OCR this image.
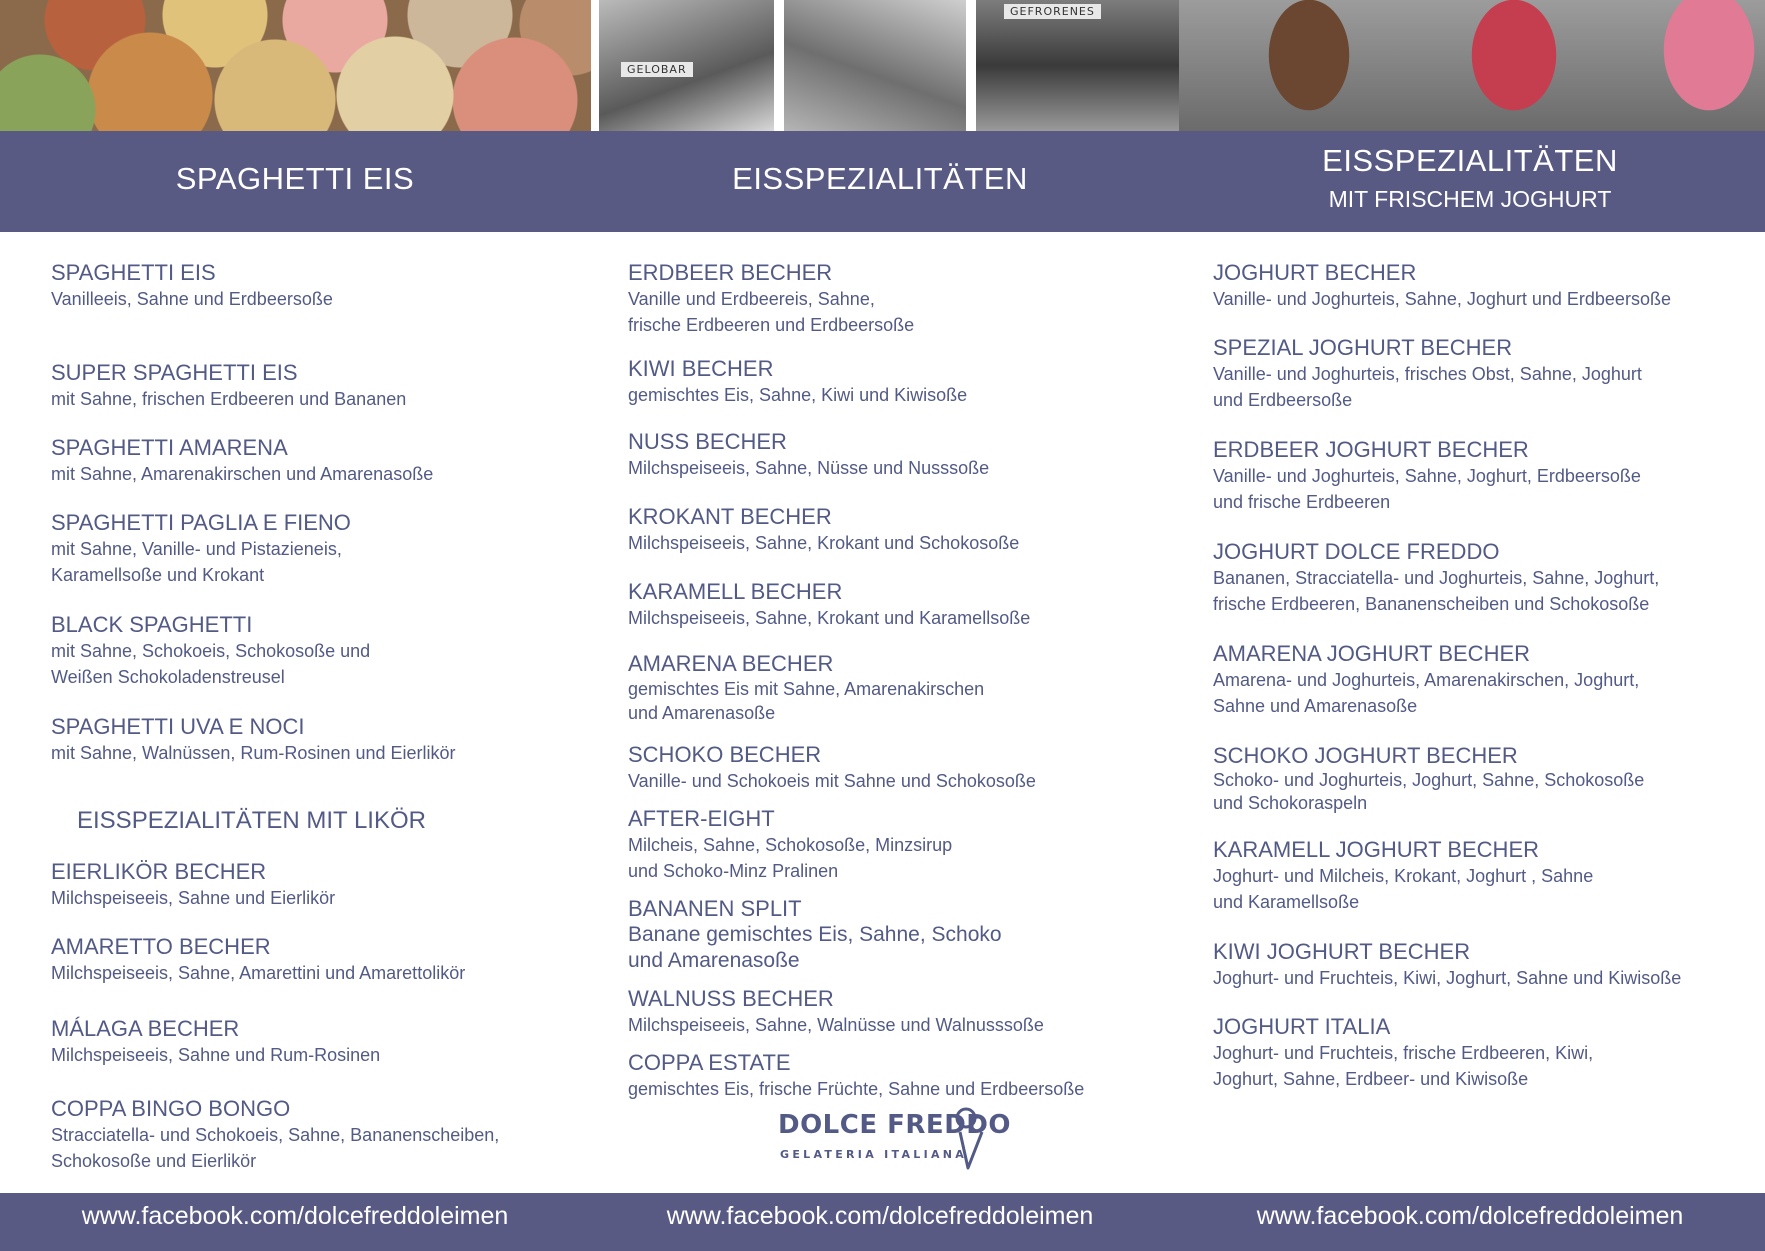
GELOBAR
GEFRORENES
SPAGHETTI EIS	EISSPEZIALITÄTEN
EISSPEZIALITÄTEN
MIT FRISCHEM JOGHURT
SPAGHETTI EIS
Vanilleeis, Sahne und Erdbeersoße
SUPER SPAGHETTI EIS
mit Sahne, frischen Erdbeeren und Bananen
SPAGHETTI AMARENA
mit Sahne, Amarenakirschen und Amarenasoße
SPAGHETTI PAGLIA E FIENO
mit Sahne, Vanille- und Pistazieneis,
Karamellsoße und Krokant
BLACK SPAGHETTI
mit Sahne, Schokoeis, Schokosoße und
Weißen Schokoladenstreusel
SPAGHETTI UVA E NOCI
mit Sahne, Walnüssen, Rum-Rosinen und Eierlikör
EISSPEZIALITÄTEN MIT LIKÖR
EIERLIKÖR BECHER
Milchspeiseeis, Sahne und Eierlikör
AMARETTO BECHER
Milchspeiseeis, Sahne, Amarettini und Amarettolikör
MÁLAGA BECHER
Milchspeiseeis, Sahne und Rum-Rosinen
COPPA BINGO BONGO
Stracciatella- und Schokoeis, Sahne, Bananenscheiben,
Schokosoße und Eierlikör
ERDBEER BECHER
Vanille und Erdbeereis, Sahne,
frische Erdbeeren und Erdbeersoße
KIWI BECHER
gemischtes Eis, Sahne, Kiwi und Kiwisoße
NUSS BECHER
Milchspeiseeis, Sahne, Nüsse und Nusssoße
KROKANT BECHER
Milchspeiseeis, Sahne, Krokant und Schokosoße
KARAMELL BECHER
Milchspeiseeis, Sahne, Krokant und Karamellsoße
AMARENA BECHER
gemischtes Eis mit Sahne, Amarenakirschen
und Amarenasoße
SCHOKO BECHER
Vanille- und Schokoeis mit Sahne und Schokosoße
AFTER-EIGHT
Milcheis, Sahne, Schokosoße, Minzsirup
und Schoko-Minz Pralinen
BANANEN SPLIT
Banane gemischtes Eis, Sahne, Schoko
und Amarenasoße
WALNUSS BECHER
Milchspeiseeis, Sahne, Walnüsse und Walnusssoße
COPPA ESTATE
gemischtes Eis, frische Früchte, Sahne und Erdbeersoße
DOLCE FREDDO
GELATERIA ITALIANA
JOGHURT BECHER
Vanille- und Joghurteis, Sahne, Joghurt und Erdbeersoße
SPEZIAL JOGHURT BECHER
Vanille- und Joghurteis, frisches Obst, Sahne, Joghurt
und Erdbeersoße
ERDBEER JOGHURT BECHER
Vanille- und Joghurteis, Sahne, Joghurt, Erdbeersoße
und frische Erdbeeren
JOGHURT DOLCE FREDDO
Bananen, Stracciatella- und Joghurteis, Sahne, Joghurt,
frische Erdbeeren, Bananenscheiben und Schokosoße
AMARENA JOGHURT BECHER
Amarena- und Joghurteis, Amarenakirschen, Joghurt,
Sahne und Amarenasoße
SCHOKO JOGHURT BECHER
Schoko- und Joghurteis, Joghurt, Sahne, Schokosoße
und Schokoraspeln
KARAMELL JOGHURT BECHER
Joghurt- und Milcheis, Krokant, Joghurt , Sahne
und Karamellsoße
KIWI JOGHURT BECHER
Joghurt- und Fruchteis, Kiwi, Joghurt, Sahne und Kiwisoße
JOGHURT ITALIA
Joghurt- und Fruchteis, frische Erdbeeren, Kiwi,
Joghurt, Sahne, Erdbeer- und Kiwisoße
www.facebook.com/dolcefreddoleimen	www.facebook.com/dolcefreddoleimen	www.facebook.com/dolcefreddoleimen
